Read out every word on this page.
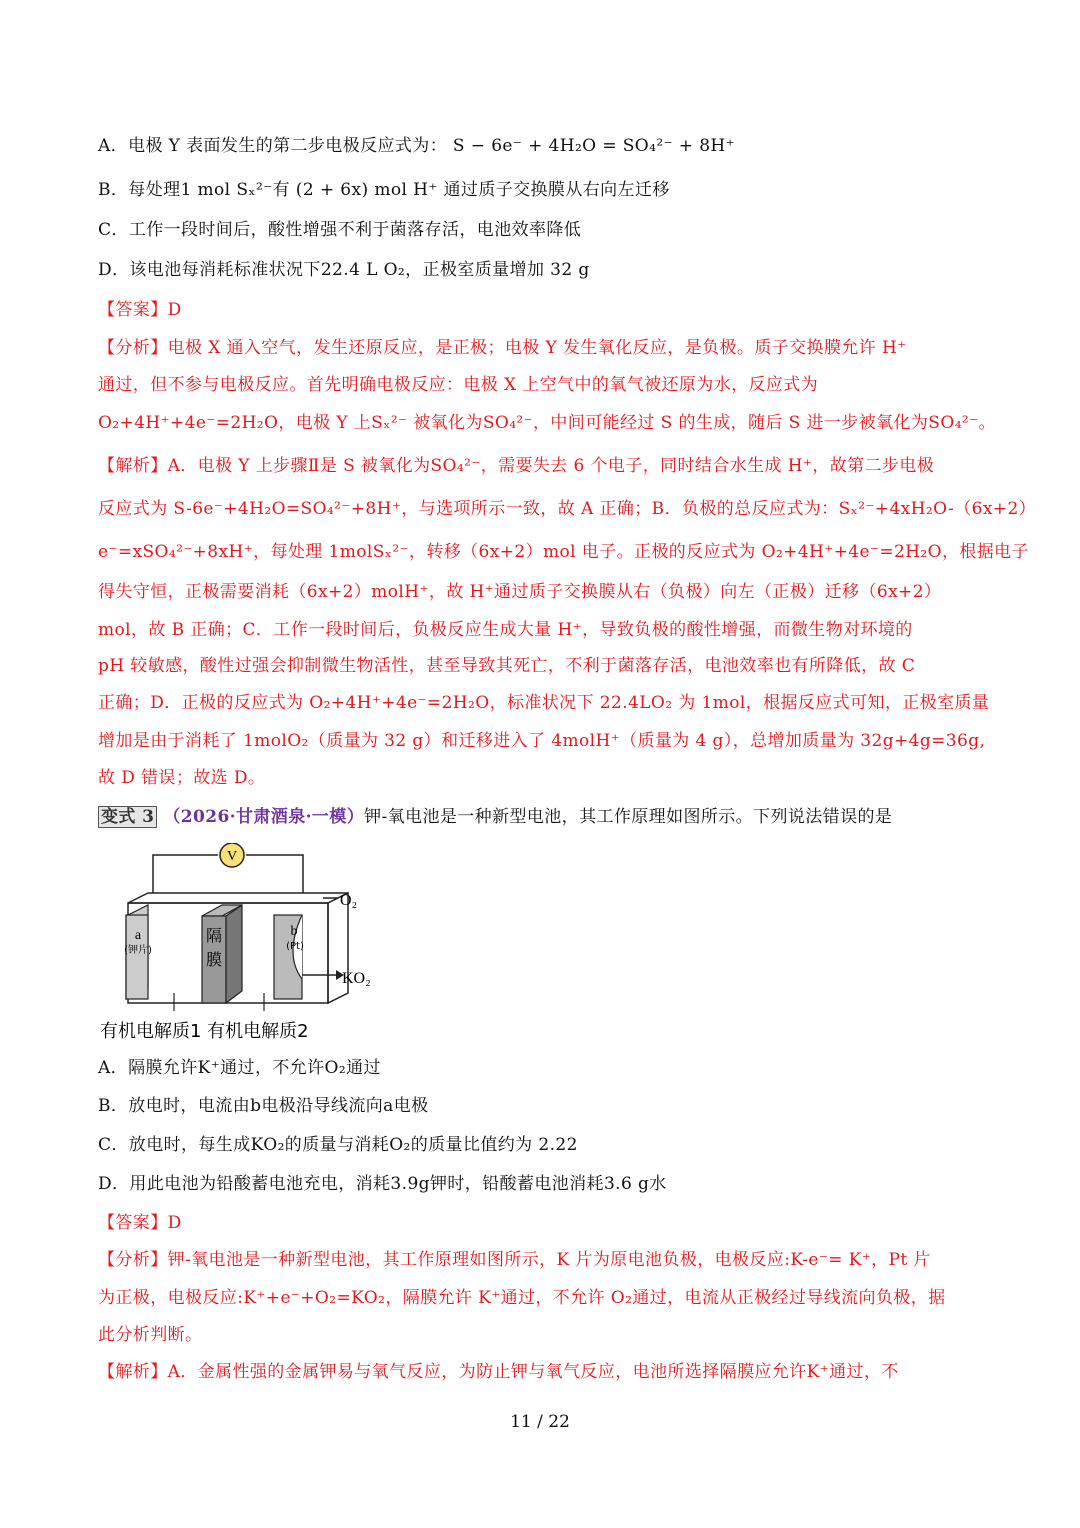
A．电极 Y 表面发生的第二步电极反应式为： S − 6e⁻ + 4H₂O = SO₄²⁻ + 8H⁺
B．每处理1 mol Sₓ²⁻有 (2 + 6x) mol H⁺ 通过质子交换膜从右向左迁移
C．工作一段时间后，酸性增强不利于菌落存活，电池效率降低
D．该电池每消耗标准状况下22.4 L O₂，正极室质量增加 32 g
【答案】D
【分析】电极 X 通入空气，发生还原反应，是正极；电极 Y 发生氧化反应，是负极。质子交换膜允许 H⁺
通过，但不参与电极反应。首先明确电极反应：电极 X 上空气中的氧气被还原为水，反应式为
O₂+4H⁺+4e⁻=2H₂O，电极 Y 上Sₓ²⁻ 被氧化为SO₄²⁻，中间可能经过 S 的生成，随后 S 进一步被氧化为SO₄²⁻。
【解析】A．电极 Y 上步骤Ⅱ是 S 被氧化为SO₄²⁻，需要失去 6 个电子，同时结合水生成 H⁺，故第二步电极
反应式为 S-6e⁻+4H₂O=SO₄²⁻+8H⁺，与选项所示一致，故 A 正确；B．负极的总反应式为：Sₓ²⁻+4xH₂O-（6x+2）
e⁻=xSO₄²⁻+8xH⁺，每处理 1molSₓ²⁻，转移（6x+2）mol 电子。正极的反应式为 O₂+4H⁺+4e⁻=2H₂O，根据电子
得失守恒，正极需要消耗（6x+2）molH⁺，故 H⁺通过质子交换膜从右（负极）向左（正极）迁移（6x+2）
mol，故 B 正确；C．工作一段时间后，负极反应生成大量 H⁺，导致负极的酸性增强，而微生物对环境的
pH 较敏感，酸性过强会抑制微生物活性，甚至导致其死亡，不利于菌落存活，电池效率也有所降低，故 C
正确；D．正极的反应式为 O₂+4H⁺+4e⁻=2H₂O，标准状况下 22.4LO₂ 为 1mol，根据反应式可知，正极室质量
增加是由于消耗了 1molO₂（质量为 32 g）和迁移进入了 4molH⁺（质量为 4 g），总增加质量为 32g+4g=36g,
故 D 错误；故选 D。
变式 3 （2026·甘肃酒泉·一模）钾-氧电池是一种新型电池，其工作原理如图所示。下列说法错误的是
V
a
(钾片)
隔
膜
b
(Pt)
O₂
KO₂
有机电解质1 有机电解质2
A．隔膜允许K⁺通过，不允许O₂通过
B．放电时，电流由b电极沿导线流向a电极
C．放电时，每生成KO₂的质量与消耗O₂的质量比值约为 2.22
D．用此电池为铅酸蓄电池充电，消耗3.9g钾时，铅酸蓄电池消耗3.6 g水
【答案】D
【分析】钾-氧电池是一种新型电池，其工作原理如图所示，K 片为原电池负极，电极反应:K-e⁻= K⁺，Pt 片
为正极，电极反应:K⁺+e⁻+O₂=KO₂，隔膜允许 K⁺通过，不允许 O₂通过，电流从正极经过导线流向负极，据
此分析判断。
【解析】A．金属性强的金属钾易与氧气反应，为防止钾与氧气反应，电池所选择隔膜应允许K⁺通过，不
11 / 22
